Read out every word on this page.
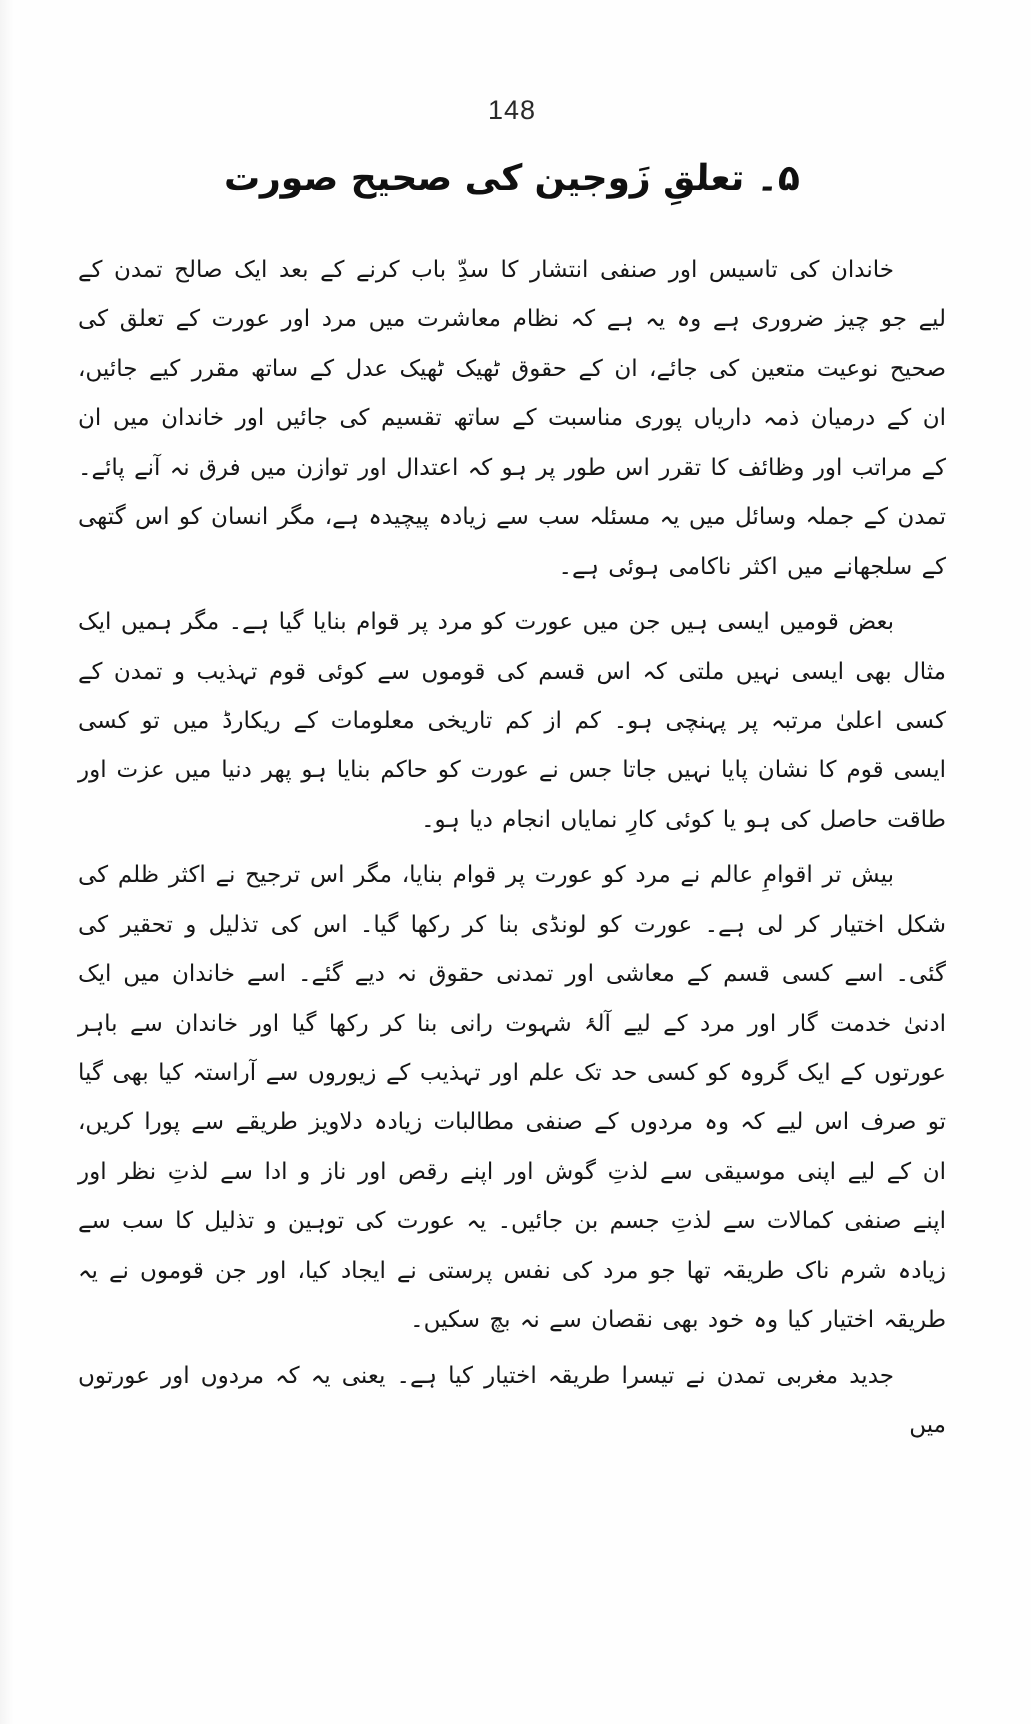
148
۵۔ تعلقِ زَوجین کی صحیح صورت

خاندان کی تاسیس اور صنفی انتشار کا سدِّ باب کرنے کے بعد ایک صالح تمدن کے لیے جو چیز ضروری ہے وہ یہ ہے کہ نظام معاشرت میں مرد اور عورت کے تعلق کی صحیح نوعیت متعین کی جائے، ان کے حقوق ٹھیک ٹھیک عدل کے ساتھ مقرر کیے جائیں، ان کے درمیان ذمہ داریاں پوری مناسبت کے ساتھ تقسیم کی جائیں اور خاندان میں ان کے مراتب اور وظائف کا تقرر اس طور پر ہو کہ اعتدال اور توازن میں فرق نہ آنے پائے۔ تمدن کے جملہ وسائل میں یہ مسئلہ سب سے زیادہ پیچیدہ ہے، مگر انسان کو اس گتھی کے سلجھانے میں اکثر ناکامی ہوئی ہے۔

بعض قومیں ایسی ہیں جن میں عورت کو مرد پر قوام بنایا گیا ہے۔ مگر ہمیں ایک مثال بھی ایسی نہیں ملتی کہ اس قسم کی قوموں سے کوئی قوم تہذیب و تمدن کے کسی اعلیٰ مرتبہ پر پہنچی ہو۔ کم از کم تاریخی معلومات کے ریکارڈ میں تو کسی ایسی قوم کا نشان پایا نہیں جاتا جس نے عورت کو حاکم بنایا ہو پھر دنیا میں عزت اور طاقت حاصل کی ہو یا کوئی کارِ نمایاں انجام دیا ہو۔

بیش تر اقوامِ عالم نے مرد کو عورت پر قوام بنایا، مگر اس ترجیح نے اکثر ظلم کی شکل اختیار کر لی ہے۔ عورت کو لونڈی بنا کر رکھا گیا۔ اس کی تذلیل و تحقیر کی گئی۔ اسے کسی قسم کے معاشی اور تمدنی حقوق نہ دیے گئے۔ اسے خاندان میں ایک ادنیٰ خدمت گار اور مرد کے لیے آلۂ شہوت رانی بنا کر رکھا گیا اور خاندان سے باہر عورتوں کے ایک گروہ کو کسی حد تک علم اور تہذیب کے زیوروں سے آراستہ کیا بھی گیا تو صرف اس لیے کہ وہ مردوں کے صنفی مطالبات زیادہ دلاویز طریقے سے پورا کریں، ان کے لیے اپنی موسیقی سے لذتِ گوش اور اپنے رقص اور ناز و ادا سے لذتِ نظر اور اپنے صنفی کمالات سے لذتِ جسم بن جائیں۔ یہ عورت کی توہین و تذلیل کا سب سے زیادہ شرم ناک طریقہ تھا جو مرد کی نفس پرستی نے ایجاد کیا، اور جن قوموں نے یہ طریقہ اختیار کیا وہ خود بھی نقصان سے نہ بچ سکیں۔

جدید مغربی تمدن نے تیسرا طریقہ اختیار کیا ہے۔ یعنی یہ کہ مردوں اور عورتوں میں
